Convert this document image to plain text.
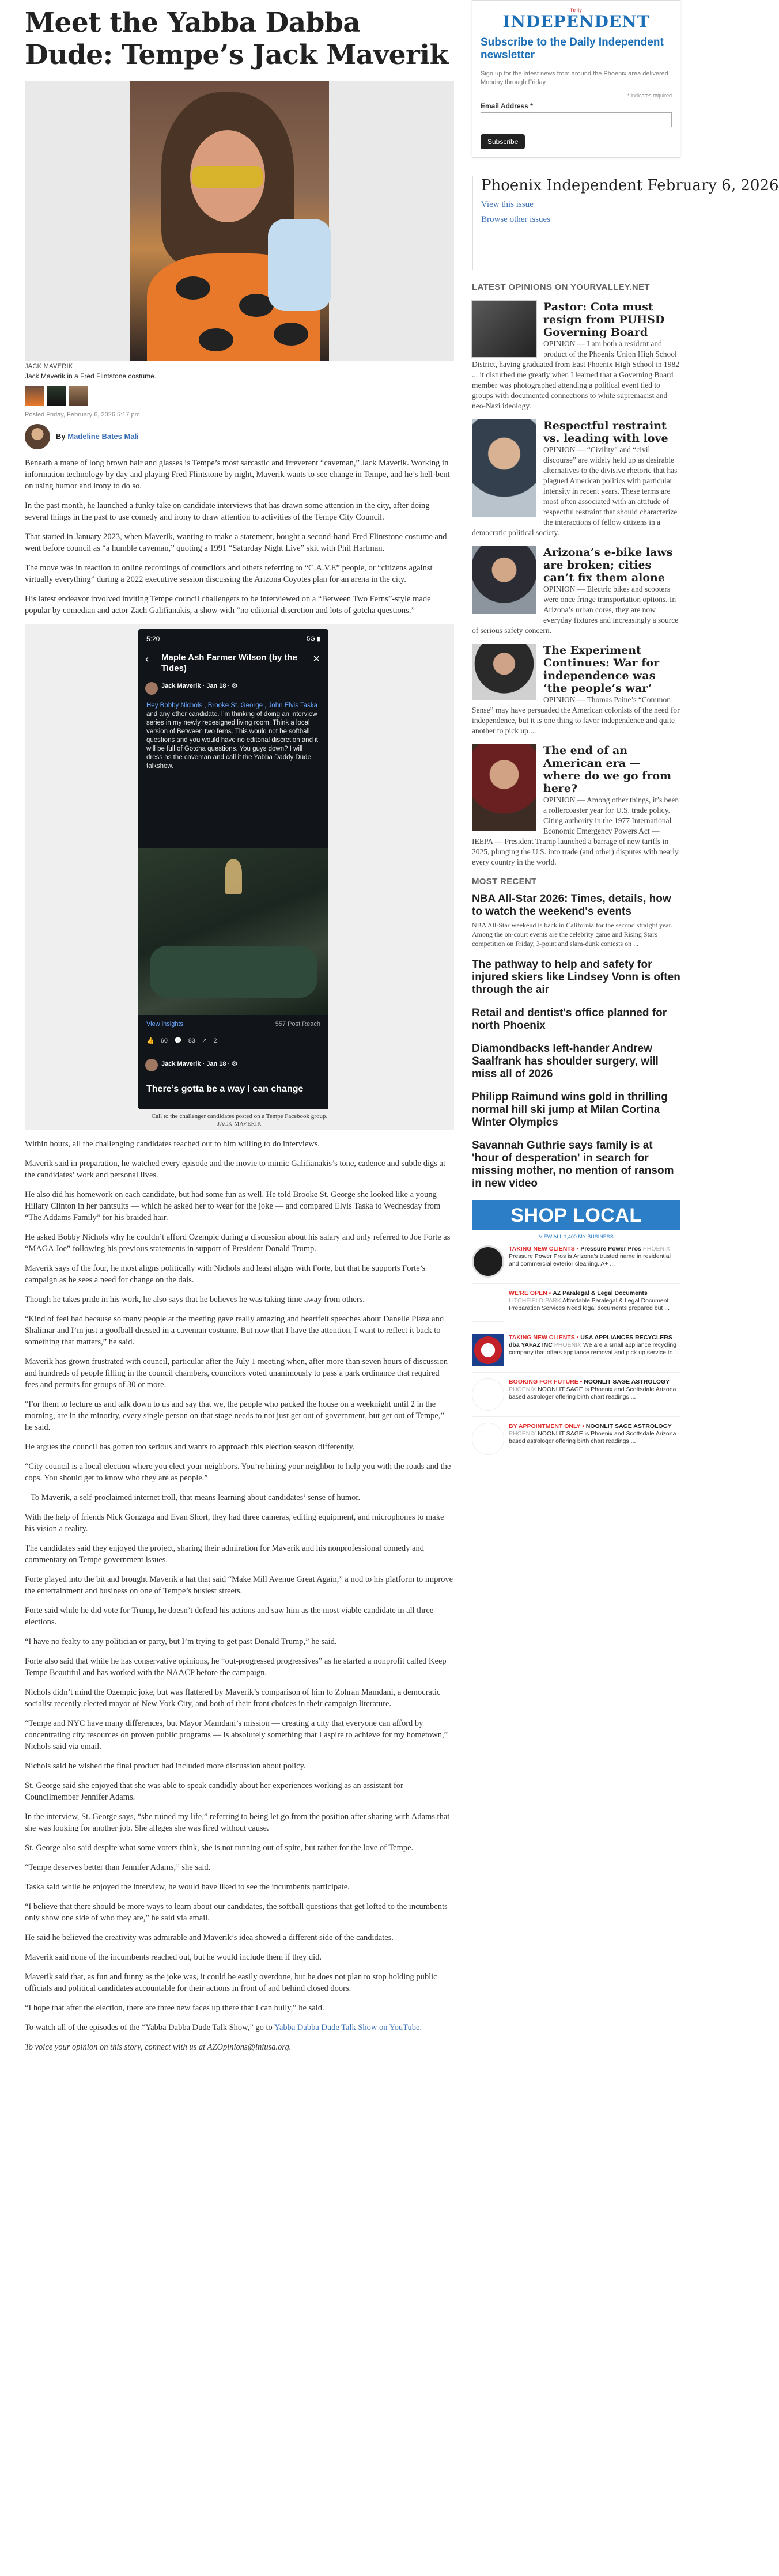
Meet the Yabba Dabba Dude: Tempe’s Jack Maverik
JACK MAVERIK
Jack Maverik in a Fred Flintstone costume.
Posted Friday, February 6, 2026 5:17 pm
By Madeline Bates Mali

Beneath a mane of long brown hair and glasses is Tempe’s most sarcastic and irreverent “caveman,” Jack Maverik. Working in information technology by day and playing Fred Flintstone by night, Maverik wants to see change in Tempe, and he’s hell-bent on using humor and irony to do so.

In the past month, he launched a funky take on candidate interviews that has drawn some attention in the city, after doing several things in the past to use comedy and irony to draw attention to activities of the Tempe City Council.

That started in January 2023, when Maverik, wanting to make a statement, bought a second-hand Fred Flintstone costume and went before council as “a humble caveman,” quoting a 1991 “Saturday Night Live” skit with Phil Hartman.

The move was in reaction to online recordings of councilors and others referring to “C.A.V.E” people, or “citizens against virtually everything” during a 2022 executive session discussing the Arizona Coyotes plan for an arena in the city.

His latest endeavor involved inviting Tempe council challengers to be interviewed on a “Between Two Ferns”-style made popular by comedian and actor Zach Galifianakis, a show with “no editorial discretion and lots of gotcha questions.”

5:20	5G ▮
‹ Maple Ash Farmer Wilson (by the Tides)
✕
Jack Maverik · Jan 18 · ⚙
Hey Bobby Nichols , Brooke St. George , John Elvis Taska and any other candidate. I’m thinking of doing an interview series in my newly redesigned living room. Think a local version of Between two ferns. This would not be softball questions and you would have no editorial discretion and it will be full of Gotcha questions. You guys down? I will dress as the caveman and call it the Yabba Daddy Dude talkshow.
View insights	557 Post Reach
👍 60 💬 83 ↗ 2
Jack Maverik · Jan 18 · ⚙
There’s gotta be a way I can change
Call to the challenger candidates posted on a Tempe Facebook group.
JACK MAVERIK

Within hours, all the challenging candidates reached out to him willing to do interviews.

Maverik said in preparation, he watched every episode and the movie to mimic Galifianakis’s tone, cadence and subtle digs at the candidates’ work and personal lives.

He also did his homework on each candidate, but had some fun as well. He told Brooke St. George she looked like a young Hillary Clinton in her pantsuits — which he asked her to wear for the joke — and compared Elvis Taska to Wednesday from “The Addams Family” for his braided hair.

He asked Bobby Nichols why he couldn’t afford Ozempic during a discussion about his salary and only referred to Joe Forte as “MAGA Joe” following his previous statements in support of President Donald Trump.

Maverik says of the four, he most aligns politically with Nichols and least aligns with Forte, but that he supports Forte’s campaign as he sees a need for change on the dais.

Though he takes pride in his work, he also says that he believes he was taking time away from others.

“Kind of feel bad because so many people at the meeting gave really amazing and heartfelt speeches about Danelle Plaza and Shalimar and I’m just a goofball dressed in a caveman costume. But now that I have the attention, I want to reflect it back to something that matters,” he said.

Maverik has grown frustrated with council, particular after the July 1 meeting when, after more than seven hours of discussion and hundreds of people filling in the council chambers, councilors voted unanimously to pass a park ordinance that required fees and permits for groups of 30 or more.

“For them to lecture us and talk down to us and say that we, the people who packed the house on a weeknight until 2 in the morning, are in the minority, every single person on that stage needs to not just get out of government, but get out of Tempe,” he said.

He argues the council has gotten too serious and wants to approach this election season differently.

“City council is a local election where you elect your neighbors. You’re hiring your neighbor to help you with the roads and the cops. You should get to know who they are as people.”

To Maverik, a self-proclaimed internet troll, that means learning about candidates’ sense of humor.

With the help of friends Nick Gonzaga and Evan Short, they had three cameras, editing equipment, and microphones to make his vision a reality.

The candidates said they enjoyed the project, sharing their admiration for Maverik and his nonprofessional comedy and commentary on Tempe government issues.

Forte played into the bit and brought Maverik a hat that said “Make Mill Avenue Great Again,” a nod to his platform to improve the entertainment and business on one of Tempe’s busiest streets.

Forte said while he did vote for Trump, he doesn’t defend his actions and saw him as the most viable candidate in all three elections.

“I have no fealty to any politician or party, but I’m trying to get past Donald Trump,” he said.

Forte also said that while he has conservative opinions, he “out-progressed progressives” as he started a nonprofit called Keep Tempe Beautiful and has worked with the NAACP before the campaign.

Nichols didn’t mind the Ozempic joke, but was flattered by Maverik’s comparison of him to Zohran Mamdani, a democratic socialist recently elected mayor of New York City, and both of their front choices in their campaign literature.

“Tempe and NYC have many differences, but Mayor Mamdani’s mission — creating a city that everyone can afford by concentrating city resources on proven public programs — is absolutely something that I aspire to achieve for my hometown,” Nichols said via email.

Nichols said he wished the final product had included more discussion about policy.

St. George said she enjoyed that she was able to speak candidly about her experiences working as an assistant for Councilmember Jennifer Adams.

In the interview, St. George says, “she ruined my life,” referring to being let go from the position after sharing with Adams that she was looking for another job. She alleges she was fired without cause.

St. George also said despite what some voters think, she is not running out of spite, but rather for the love of Tempe.

“Tempe deserves better than Jennifer Adams,” she said.

Taska said while he enjoyed the interview, he would have liked to see the incumbents participate.

“I believe that there should be more ways to learn about our candidates, the softball questions that get lofted to the incumbents only show one side of who they are,” he said via email.

He said he believed the creativity was admirable and Maverik’s idea showed a different side of the candidates.

Maverik said none of the incumbents reached out, but he would include them if they did.

Maverik said that, as fun and funny as the joke was, it could be easily overdone, but he does not plan to stop holding public officials and political candidates accountable for their actions in front of and behind closed doors.

“I hope that after the election, there are three new faces up there that I can bully,” he said.

To watch all of the episodes of the “Yabba Dabba Dude Talk Show,” go to Yabba Dabba Dude Talk Show on YouTube.

To voice your opinion on this story, connect with us at AZOpinions@iniusa.org.

Daily
INDEPENDENT
Subscribe to the Daily Independent newsletter
Sign up for the latest news from around the Phoenix area delivered Monday through Friday
* indicates required
Email Address *
Subscribe
Phoenix Independent February 6, 2026
View this issue
Browse other issues
LATEST OPINIONS ON YOURVALLEY.NET
Pastor: Cota must resign from PUHSD Governing Board
OPINION — I am both a resident and product of the Phoenix Union High School District, having graduated from East Phoenix High School in 1982 ... it disturbed me greatly when I learned that a Governing Board member was photographed attending a political event tied to groups with documented connections to white supremacist and neo-Nazi ideology.
Respectful restraint vs. leading with love
OPINION — “Civility” and “civil discourse” are widely held up as desirable alternatives to the divisive rhetoric that has plagued American politics with particular intensity in recent years. These terms are most often associated with an attitude of respectful restraint that should characterize the interactions of fellow citizens in a democratic political society.
Arizona’s e-bike laws are broken; cities can’t fix them alone
OPINION — Electric bikes and scooters were once fringe transportation options. In Arizona’s urban cores, they are now everyday fixtures and increasingly a source of serious safety concern.
The Experiment Continues: War for independence was ‘the people’s war’
OPINION — Thomas Paine’s “Common Sense” may have persuaded the American colonists of the need for independence, but it is one thing to favor independence and quite another to pick up ...
The end of an American era — where do we go from here?
OPINION — Among other things, it’s been a rollercoaster year for U.S. trade policy. Citing authority in the 1977 International Economic Emergency Powers Act — IEEPA — President Trump launched a barrage of new tariffs in 2025, plunging the U.S. into trade (and other) disputes with nearly every country in the world.
MOST RECENT
NBA All-Star 2026: Times, details, how to watch the weekend's events
NBA All-Star weekend is back in California for the second straight year. Among the on-court events are the celebrity game and Rising Stars competition on Friday, 3-point and slam-dunk contests on ...
The pathway to help and safety for injured skiers like Lindsey Vonn is often through the air
Retail and dentist's office planned for north Phoenix
Diamondbacks left-hander Andrew Saalfrank has shoulder surgery, will miss all of 2026
Philipp Raimund wins gold in thrilling normal hill ski jump at Milan Cortina Winter Olympics
Savannah Guthrie says family is at 'hour of desperation' in search for missing mother, no mention of ransom in new video
SHOP LOCAL
VIEW ALL 1,400 MY BUSINESS
TAKING NEW CLIENTS • Pressure Power Pros PHOENIX Pressure Power Pros is Arizona's trusted name in residential and commercial exterior cleaning. A+ ...
WE'RE OPEN • AZ Paralegal & Legal Documents LITCHFIELD PARK Affordable Paralegal & Legal Document Preparation Services Need legal documents prepared but ...
TAKING NEW CLIENTS • USA APPLIANCES RECYCLERS dba YAFAZ INC PHOENIX We are a small appliance recycling company that offers appliance removal and pick up service to ...
BOOKING FOR FUTURE • NOONLIT SAGE ASTROLOGY PHOENIX NOONLIT SAGE is Phoenix and Scottsdale Arizona based astrologer offering birth chart readings ...
BY APPOINTMENT ONLY • NOONLIT SAGE ASTROLOGY PHOENIX NOONLIT SAGE is Phoenix and Scottsdale Arizona based astrologer offering birth chart readings ...
